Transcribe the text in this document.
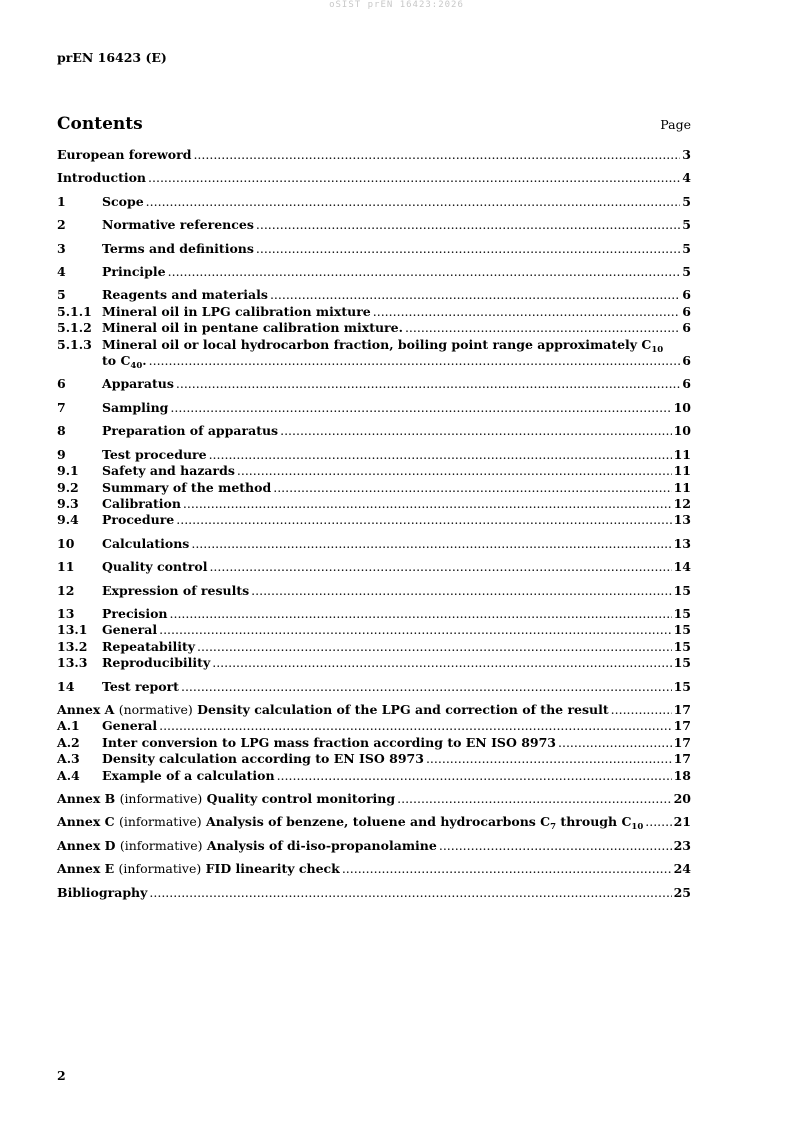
oSIST prEN 16423:2026
prEN 16423 (E)
Contents	Page
European foreword .....	3
Introduction .....	4
1	Scope .....	5
2	Normative references .....	5
3	Terms and definitions .....	5
4	Principle .....	5
5	Reagents and materials .....	6
5.1.1 Mineral oil in LPG calibration mixture .....	6
5.1.2 Mineral oil in pentane calibration mixture. .....	6
5.1.3 Mineral oil or local hydrocarbon fraction, boiling point range approximately $C_{10}$
to $C_{40}$. .....	6
6	Apparatus .....	6
7	Sampling .....	10
8	Preparation of apparatus .....	10
9	Test procedure .....	11
9.1	Safety and hazards .....	11
9.2	Summary of the method .....	11
9.3	Calibration .....	12
9.4	Procedure .....	13
10	Calculations .....	13
11	Quality control .....	14
12	Expression of results .....	15
13	Precision .....	15
13.1	General .....	15
13.2	Repeatability .....	15
13.3	Reproducibility .....	15
14	Test report .....	15
Annex A (normative) Density calculation of the LPG and correction of the result .....	17
A.1	General .....	17
A.2	Inter conversion to LPG mass fraction according to EN ISO 8973 .....	17
A.3	Density calculation according to EN ISO 8973 .....	17
A.4	Example of a calculation .....	18
Annex B (informative) Quality control monitoring .....	20
Annex C (informative) Analysis of benzene, toluene and hydrocarbons $C_7$ through $C_{10}$ ..... 21
Annex D (informative) Analysis of di-iso-propanolamine .....	23
Annex E (informative) FID linearity check .....	24
Bibliography .....	25
2
